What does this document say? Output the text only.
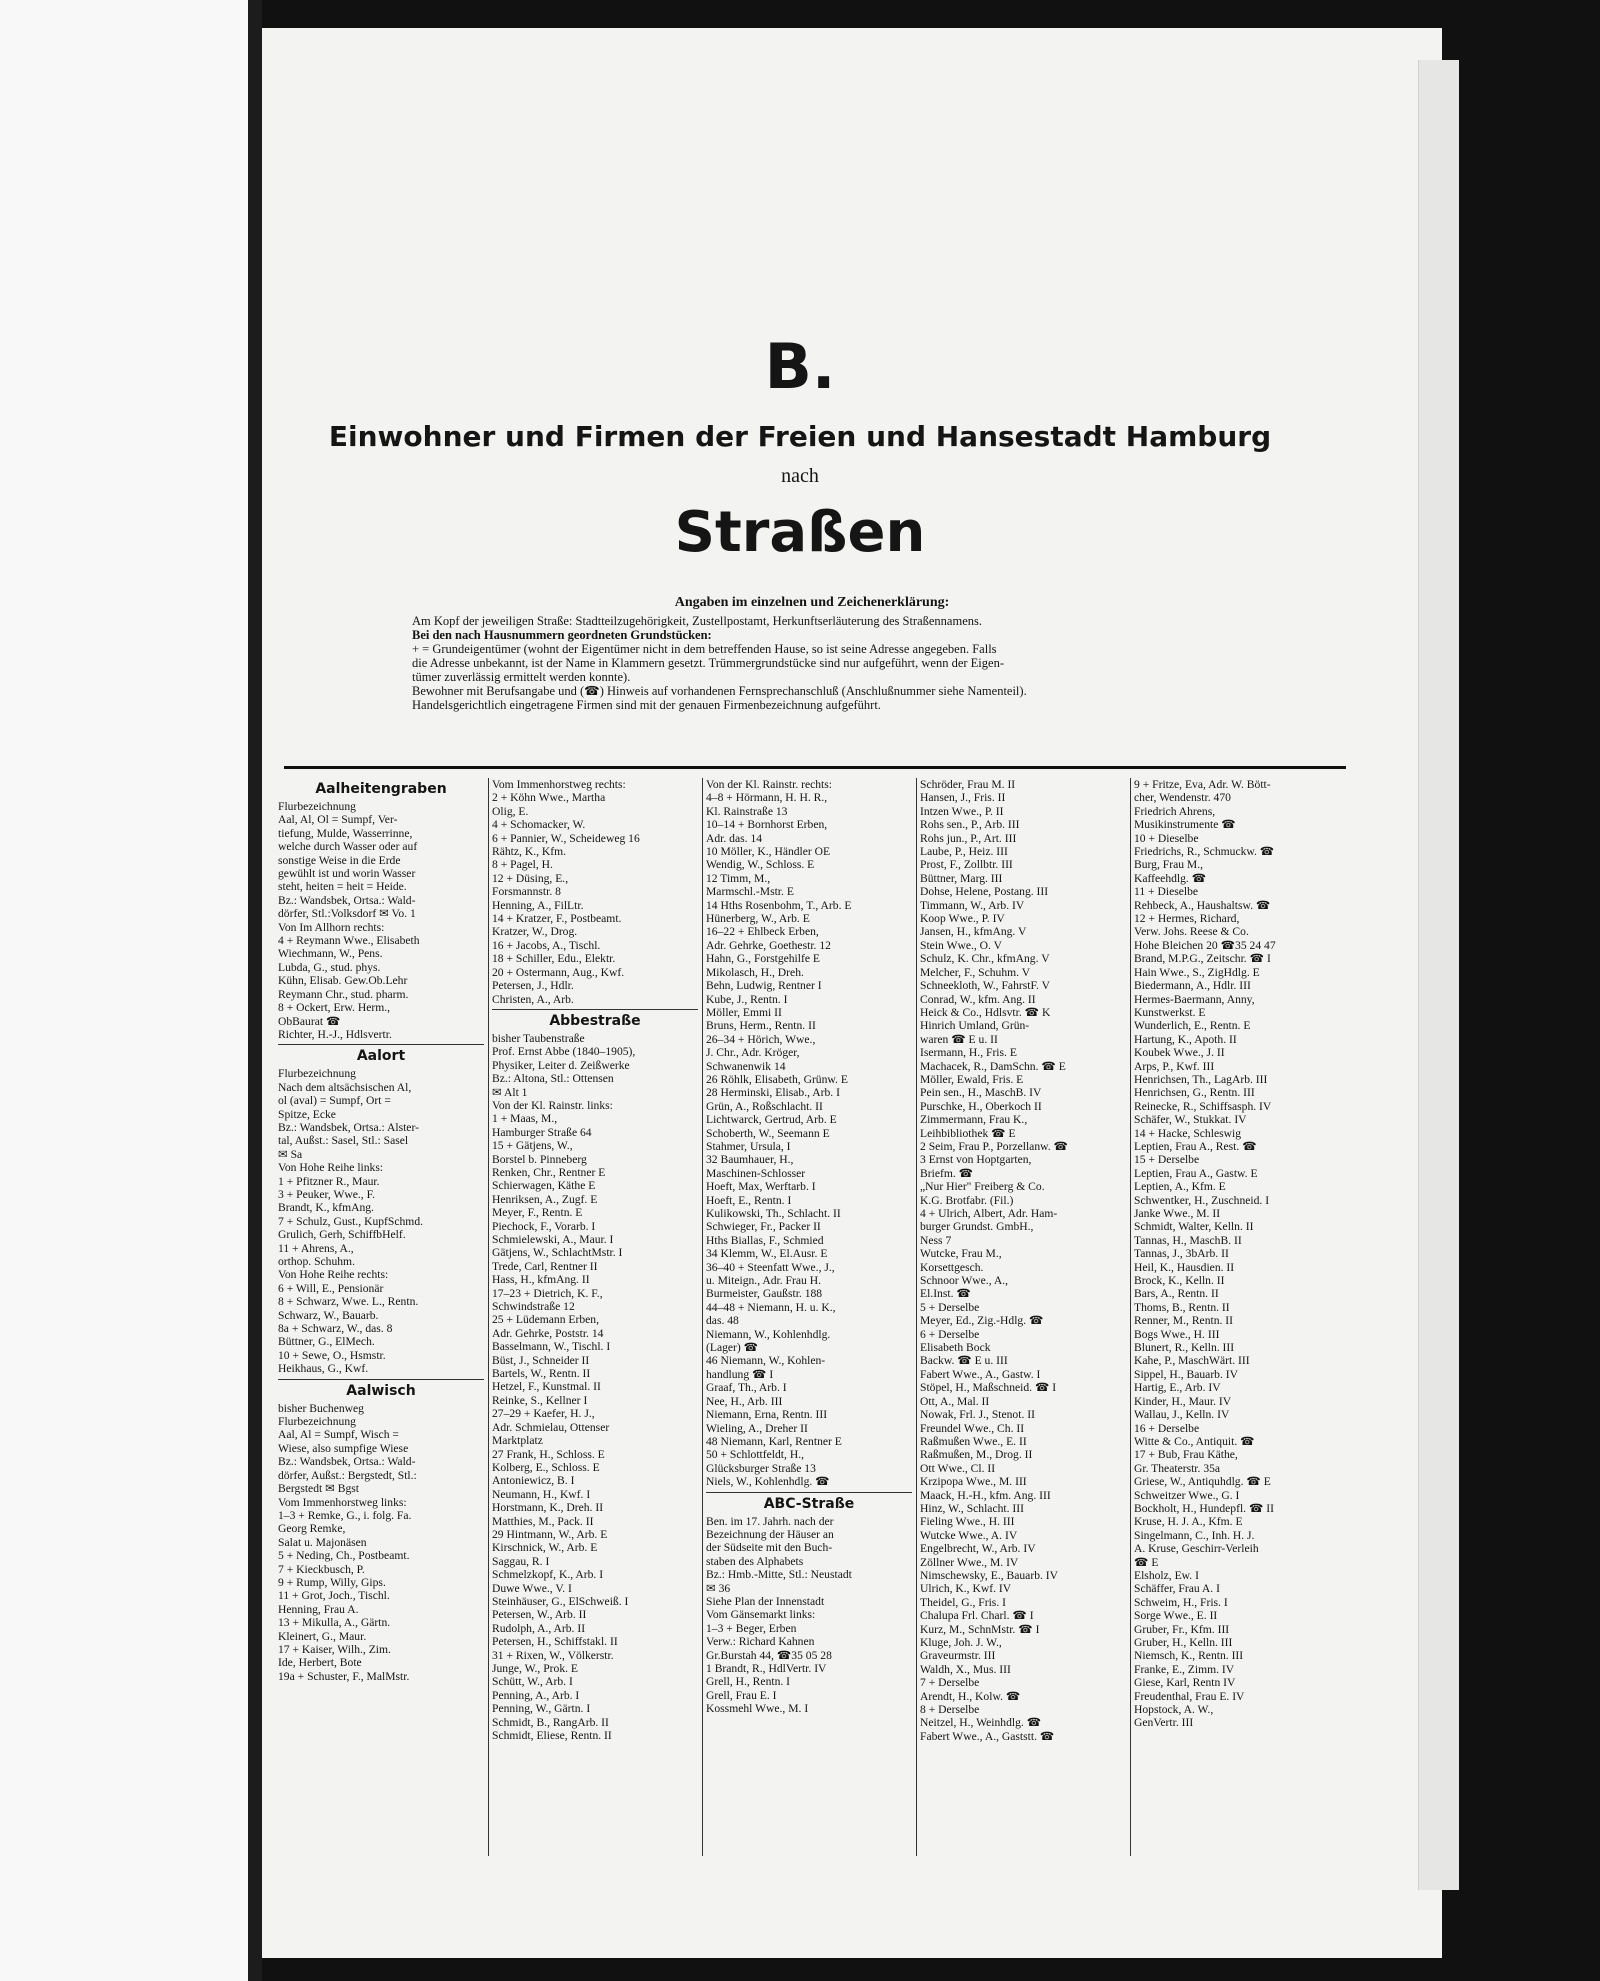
B.
Einwohner und Firmen der Freien und Hansestadt Hamburg
nach
Straßen
Angaben im einzelnen und Zeichenerklärung:

Am Kopf der jeweiligen Straße: Stadtteilzugehörigkeit, Zustellpostamt, Herkunftserläuterung des Straßennamens.

Bei den nach Hausnummern geordneten Grundstücken:

+ = Grundeigentümer (wohnt der Eigentümer nicht in dem betreffenden Hause, so ist seine Adresse angegeben. Falls

die Adresse unbekannt, ist der Name in Klammern gesetzt. Trümmergrundstücke sind nur aufgeführt, wenn der Eigen-

tümer zuverlässig ermittelt werden konnte).

Bewohner mit Berufsangabe und (☎) Hinweis auf vorhandenen Fernsprechanschluß (Anschlußnummer siehe Namenteil).

Handelsgerichtlich eingetragene Firmen sind mit der genauen Firmenbezeichnung aufgeführt.

Aalheitengraben
Flurbezeichnung
Aal, Al, Ol = Sumpf, Ver-
tiefung, Mulde, Wasserrinne,
welche durch Wasser oder auf
sonstige Weise in die Erde
gewühlt ist und worin Wasser
steht, heiten = heit = Heide.
Bz.: Wandsbek, Ortsa.: Wald-
dörfer, Stl.:Volksdorf ✉ Vo. 1
Von Im Allhorn rechts:
4 + Reymann Wwe., Elisabeth
Wiechmann, W., Pens.
Lubda, G., stud. phys.
Kühn, Elisab. Gew.Ob.Lehr
Reymann Chr., stud. pharm.
8 + Ockert, Erw. Herm.,
ObBaurat ☎
Richter, H.-J., Hdlsvertr.
Aalort
Flurbezeichnung
Nach dem altsächsischen Al,
ol (aval) = Sumpf, Ort =
Spitze, Ecke
Bz.: Wandsbek, Ortsa.: Alster-
tal, Außst.: Sasel, Stl.: Sasel
✉ Sa
Von Hohe Reihe links:
1 + Pfitzner R., Maur.
3 + Peuker, Wwe., F.
Brandt, K., kfmAng.
7 + Schulz, Gust., KupfSchmd.
Grulich, Gerh, SchiffbHelf.
11 + Ahrens, A.,
orthop. Schuhm.
Von Hohe Reihe rechts:
6 + Will, E., Pensionär
8 + Schwarz, Wwe. L., Rentn.
Schwarz, W., Bauarb.
8a + Schwarz, W., das. 8
Büttner, G., ElMech.
10 + Sewe, O., Hsmstr.
Heikhaus, G., Kwf.
Aalwisch
bisher Buchenweg
Flurbezeichnung
Aal, Al = Sumpf, Wisch =
Wiese, also sumpfige Wiese
Bz.: Wandsbek, Ortsa.: Wald-
dörfer, Außst.: Bergstedt, Stl.:
Bergstedt ✉ Bgst
Vom Immenhorstweg links:
1–3 + Remke, G., i. folg. Fa.
Georg Remke,
Salat u. Majonäsen
5 + Neding, Ch., Postbeamt.
7 + Kieckbusch, P.
9 + Rump, Willy, Gips.
11 + Grot, Joch., Tischl.
Henning, Frau A.
13 + Mikulla, A., Gärtn.
Kleinert, G., Maur.
17 + Kaiser, Wilh., Zim.
Ide, Herbert, Bote
19a + Schuster, F., MalMstr.
Vom Immenhorstweg rechts:
2 + Köhn Wwe., Martha
Olig, E.
4 + Schomacker, W.
6 + Pannier, W., Scheideweg 16
Rähtz, K., Kfm.
8 + Pagel, H.
12 + Düsing, E.,
Forsmannstr. 8
Henning, A., FilLtr.
14 + Kratzer, F., Postbeamt.
Kratzer, W., Drog.
16 + Jacobs, A., Tischl.
18 + Schiller, Edu., Elektr.
20 + Ostermann, Aug., Kwf.
Petersen, J., Hdlr.
Christen, A., Arb.
Abbestraße
bisher Taubenstraße
Prof. Ernst Abbe (1840–1905),
Physiker, Leiter d. Zeißwerke
Bz.: Altona, Stl.: Ottensen
✉ Alt 1
Von der Kl. Rainstr. links:
1 + Maas, M.,
Hamburger Straße 64
15 + Gätjens, W.,
Borstel b. Pinneberg
Renken, Chr., Rentner E
Schierwagen, Käthe E
Henriksen, A., Zugf. E
Meyer, F., Rentn. E
Piechock, F., Vorarb. I
Schmielewski, A., Maur. I
Gätjens, W., SchlachtMstr. I
Trede, Carl, Rentner II
Hass, H., kfmAng. II
17–23 + Dietrich, K. F.,
Schwindstraße 12
25 + Lüdemann Erben,
Adr. Gehrke, Poststr. 14
Basselmann, W., Tischl. I
Büst, J., Schneider II
Bartels, W., Rentn. II
Hetzel, F., Kunstmal. II
Reinke, S., Kellner I
27–29 + Kaefer, H. J.,
Adr. Schmielau, Ottenser
Marktplatz
27 Frank, H., Schloss. E
Kolberg, E., Schloss. E
Antoniewicz, B. I
Neumann, H., Kwf. I
Horstmann, K., Dreh. II
Matthies, M., Pack. II
29 Hintmann, W., Arb. E
Kirschnick, W., Arb. E
Saggau, R. I
Schmelzkopf, K., Arb. I
Duwe Wwe., V. I
Steinhäuser, G., ElSchweiß. I
Petersen, W., Arb. II
Rudolph, A., Arb. II
Petersen, H., Schiffstakl. II
31 + Rixen, W., Völkerstr.
Junge, W., Prok. E
Schütt, W., Arb. I
Penning, A., Arb. I
Penning, W., Gärtn. I
Schmidt, B., RangArb. II
Schmidt, Eliese, Rentn. II
Von der Kl. Rainstr. rechts:
4–8 + Hörmann, H. H. R.,
Kl. Rainstraße 13
10–14 + Bornhorst Erben,
Adr. das. 14
10 Möller, K., Händler OE
Wendig, W., Schloss. E
12 Timm, M.,
Marmschl.-Mstr. E
14 Hths Rosenbohm, T., Arb. E
Hünerberg, W., Arb. E
16–22 + Ehlbeck Erben,
Adr. Gehrke, Goethestr. 12
Hahn, G., Forstgehilfe E
Mikolasch, H., Dreh.
Behn, Ludwig, Rentner I
Kube, J., Rentn. I
Möller, Emmi II
Bruns, Herm., Rentn. II
26–34 + Hörich, Wwe.,
J. Chr., Adr. Kröger,
Schwanenwik 14
26 Röhlk, Elisabeth, Grünw. E
28 Herminski, Elisab., Arb. I
Grün, A., Roßschlacht. II
Lichtwarck, Gertrud, Arb. E
Schoberth, W., Seemann E
Stahmer, Ursula, I
32 Baumhauer, H.,
Maschinen-Schlosser
Hoeft, Max, Werftarb. I
Hoeft, E., Rentn. I
Kulikowski, Th., Schlacht. II
Schwieger, Fr., Packer II
Hths Biallas, F., Schmied
34 Klemm, W., El.Ausr. E
36–40 + Steenfatt Wwe., J.,
u. Miteign., Adr. Frau H.
Burmeister, Gaußstr. 188
44–48 + Niemann, H. u. K.,
das. 48
Niemann, W., Kohlenhdlg.
(Lager) ☎
46 Niemann, W., Kohlen-
handlung ☎ I
Graaf, Th., Arb. I
Nee, H., Arb. III
Niemann, Erna, Rentn. III
Wieling, A., Dreher II
48 Niemann, Karl, Rentner E
50 + Schlottfeldt, H.,
Glücksburger Straße 13
Niels, W., Kohlenhdlg. ☎
ABC-Straße
Ben. im 17. Jahrh. nach der
Bezeichnung der Häuser an
der Südseite mit den Buch-
staben des Alphabets
Bz.: Hmb.-Mitte, Stl.: Neustadt
✉ 36
Siehe Plan der Innenstadt
Vom Gänsemarkt links:
1–3 + Beger, Erben
Verw.: Richard Kahnen
Gr.Burstah 44, ☎35 05 28
1 Brandt, R., HdlVertr. IV
Grell, H., Rentn. I
Grell, Frau E. I
Kossmehl Wwe., M. I
Schröder, Frau M. II
Hansen, J., Fris. II
Intzen Wwe., P. II
Rohs sen., P., Arb. III
Rohs jun., P., Art. III
Laube, P., Heiz. III
Prost, F., Zollbtr. III
Büttner, Marg. III
Dohse, Helene, Postang. III
Timmann, W., Arb. IV
Koop Wwe., P. IV
Jansen, H., kfmAng. V
Stein Wwe., O. V
Schulz, K. Chr., kfmAng. V
Melcher, F., Schuhm. V
Schneekloth, W., FahrstF. V
Conrad, W., kfm. Ang. II
Heick & Co., Hdlsvtr. ☎ K
Hinrich Umland, Grün-
waren ☎ E u. II
Isermann, H., Fris. E
Machacek, R., DamSchn. ☎ E
Möller, Ewald, Fris. E
Pein sen., H., MaschB. IV
Purschke, H., Oberkoch II
Zimmermann, Frau K.,
Leihbibliothek ☎ E
2 Seim, Frau P., Porzellanw. ☎
3 Ernst von Hoptgarten,
Briefm. ☎
„Nur Hier" Freiberg & Co.
K.G. Brotfabr. (Fil.)
4 + Ulrich, Albert, Adr. Ham-
burger Grundst. GmbH.,
Ness 7
Wutcke, Frau M.,
Korsettgesch.
Schnoor Wwe., A.,
El.Inst. ☎
5 + Derselbe
Meyer, Ed., Zig.-Hdlg. ☎
6 + Derselbe
Elisabeth Bock
Backw. ☎ E u. III
Fabert Wwe., A., Gastw. I
Stöpel, H., Maßschneid. ☎ I
Ott, A., Mal. II
Nowak, Frl. J., Stenot. II
Freundel Wwe., Ch. II
Raßmußen Wwe., E. II
Raßmußen, M., Drog. II
Ott Wwe., Cl. II
Krzipopa Wwe., M. III
Maack, H.-H., kfm. Ang. III
Hinz, W., Schlacht. III
Fieling Wwe., H. III
Wutcke Wwe., A. IV
Engelbrecht, W., Arb. IV
Zöllner Wwe., M. IV
Nimschewsky, E., Bauarb. IV
Ulrich, K., Kwf. IV
Theidel, G., Fris. I
Chalupa Frl. Charl. ☎ I
Kurz, M., SchnMstr. ☎ I
Kluge, Joh. J. W.,
Graveurmstr. III
Waldh, X., Mus. III
7 + Derselbe
Arendt, H., Kolw. ☎
8 + Derselbe
Neitzel, H., Weinhdlg. ☎
Fabert Wwe., A., Gaststt. ☎
9 + Fritze, Eva, Adr. W. Bött-
cher, Wendenstr. 470
Friedrich Ahrens,
Musikinstrumente ☎
10 + Dieselbe
Friedrichs, R., Schmuckw. ☎
Burg, Frau M.,
Kaffeehdlg. ☎
11 + Dieselbe
Rehbeck, A., Haushaltsw. ☎
12 + Hermes, Richard,
Verw. Johs. Reese & Co.
Hohe Bleichen 20 ☎35 24 47
Brand, M.P.G., Zeitschr. ☎ I
Hain Wwe., S., ZigHdlg. E
Biedermann, A., Hdlr. III
Hermes-Baermann, Anny,
Kunstwerkst. E
Wunderlich, E., Rentn. E
Hartung, K., Apoth. II
Koubek Wwe., J. II
Arps, P., Kwf. III
Henrichsen, Th., LagArb. III
Henrichsen, G., Rentn. III
Reinecke, R., Schiffsasph. IV
Schäfer, W., Stukkat. IV
14 + Hacke, Schleswig
Leptien, Frau A., Rest. ☎
15 + Derselbe
Leptien, Frau A., Gastw. E
Leptien, A., Kfm. E
Schwentker, H., Zuschneid. I
Janke Wwe., M. II
Schmidt, Walter, Kelln. II
Tannas, H., MaschB. II
Tannas, J., 3bArb. II
Heil, K., Hausdien. II
Brock, K., Kelln. II
Bars, A., Rentn. II
Thoms, B., Rentn. II
Renner, M., Rentn. II
Bogs Wwe., H. III
Blunert, R., Kelln. III
Kahe, P., MaschWärt. III
Sippel, H., Bauarb. IV
Hartig, E., Arb. IV
Kinder, H., Maur. IV
Wallau, J., Kelln. IV
16 + Derselbe
Witte & Co., Antiquit. ☎
17 + Bub, Frau Käthe,
Gr. Theaterstr. 35a
Griese, W., Antiquhdlg. ☎ E
Schweitzer Wwe., G. I
Bockholt, H., Hundepfl. ☎ II
Kruse, H. J. A., Kfm. E
Singelmann, C., Inh. H. J.
A. Kruse, Geschirr-Verleih
☎ E
Elsholz, Ew. I
Schäffer, Frau A. I
Schweim, H., Fris. I
Sorge Wwe., E. II
Gruber, Fr., Kfm. III
Gruber, H., Kelln. III
Niemsch, K., Rentn. III
Franke, E., Zimm. IV
Giese, Karl, Rentn IV
Freudenthal, Frau E. IV
Hopstock, A. W.,
GenVertr. III
